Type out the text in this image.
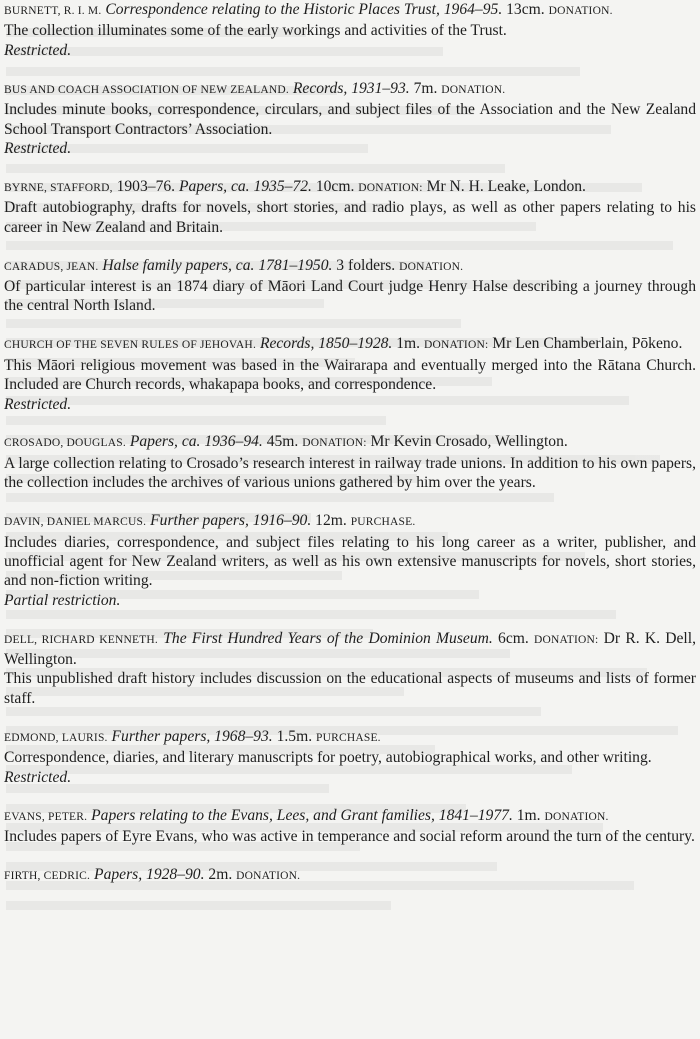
BURNETT, R. I. M. Correspondence relating to the Historic Places Trust, 1964–95. 13cm. DONATION.

The collection illuminates some of the early workings and activities of the Trust.

Restricted.

BUS AND COACH ASSOCIATION OF NEW ZEALAND. Records, 1931–93. 7m. DONATION.

Includes minute books, correspondence, circulars, and subject files of the Association and the New Zealand School Transport Contractors’ Association.

Restricted.

BYRNE, STAFFORD, 1903–76. Papers, ca. 1935–72. 10cm. DONATION: Mr N. H. Leake, London.

Draft autobiography, drafts for novels, short stories, and radio plays, as well as other papers relating to his career in New Zealand and Britain.

CARADUS, JEAN. Halse family papers, ca. 1781–1950. 3 folders. DONATION.

Of particular interest is an 1874 diary of Māori Land Court judge Henry Halse describing a journey through the central North Island.

CHURCH OF THE SEVEN RULES OF JEHOVAH. Records, 1850–1928. 1m. DONATION: Mr Len Chamberlain, Pōkeno.

This Māori religious movement was based in the Wairarapa and eventually merged into the Rātana Church. Included are Church records, whakapapa books, and correspondence.

Restricted.

CROSADO, DOUGLAS. Papers, ca. 1936–94. 45m. DONATION: Mr Kevin Crosado, Wellington.

A large collection relating to Crosado’s research interest in railway trade unions. In addition to his own papers, the collection includes the archives of various unions gathered by him over the years.

DAVIN, DANIEL MARCUS. Further papers, 1916–90. 12m. PURCHASE.

Includes diaries, correspondence, and subject files relating to his long career as a writer, publisher, and unofficial agent for New Zealand writers, as well as his own extensive manuscripts for novels, short stories, and non-fiction writing.

Partial restriction.

DELL, RICHARD KENNETH. The First Hundred Years of the Dominion Museum. 6cm. DONATION: Dr R. K. Dell, Wellington.

This unpublished draft history includes discussion on the educational aspects of museums and lists of former staff.

EDMOND, LAURIS. Further papers, 1968–93. 1.5m. PURCHASE.

Correspondence, diaries, and literary manuscripts for poetry, autobiographical works, and other writing.

Restricted.

EVANS, PETER. Papers relating to the Evans, Lees, and Grant families, 1841–1977. 1m. DONATION.

Includes papers of Eyre Evans, who was active in temperance and social reform around the turn of the century.

FIRTH, CEDRIC. Papers, 1928–90. 2m. DONATION.
